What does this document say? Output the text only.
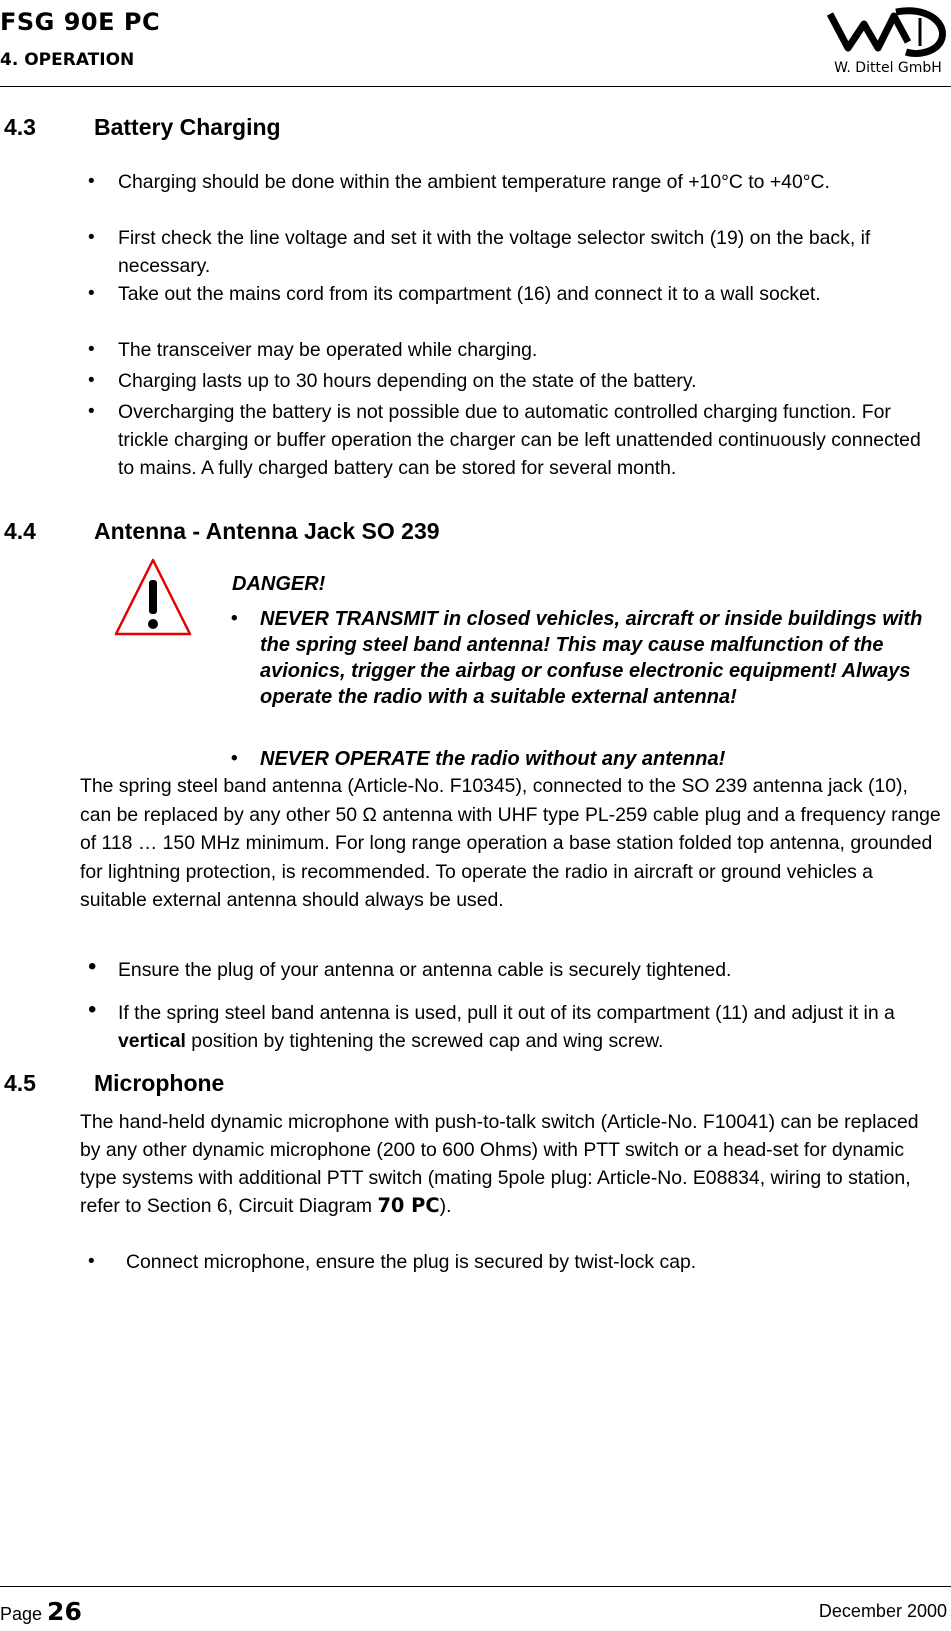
FSG 90E PC
4. OPERATION	W. Dittel GmbH
4.3	Battery Charging
• Charging should be done within the ambient temperature range of +10°C to +40°C.
• First check the line voltage and set it with the voltage selector switch (19) on the back, if necessary.
• Take out the mains cord from its compartment (16) and connect it to a wall socket.
• The transceiver may be operated while charging.
• Charging lasts up to 30 hours depending on the state of the battery.
• Overcharging the battery is not possible due to automatic controlled charging function. For trickle charging or buffer operation the charger can be left unattended continuously connected to mains. A fully charged battery can be stored for several month.
4.4	Antenna - Antenna Jack SO 239
DANGER!
• NEVER TRANSMIT in closed vehicles, aircraft or inside buildings with the spring steel band antenna! This may cause malfunction of the avionics, trigger the airbag or confuse electronic equipment! Always operate the radio with a suitable external antenna!
• NEVER OPERATE the radio without any antenna!
The spring steel band antenna (Article-No. F10345), connected to the SO 239 antenna jack (10), can be replaced by any other 50 Ω antenna with UHF type PL-259 cable plug and a frequency range of 118 … 150 MHz minimum. For long range operation a base station folded top antenna, grounded for lightning protection, is recommended. To operate the radio in aircraft or ground vehicles a suitable external antenna should always be used.
• Ensure the plug of your antenna or antenna cable is securely tightened.
• If the spring steel band antenna is used, pull it out of its compartment (11) and adjust it in a vertical position by tightening the screwed cap and wing screw.
4.5	Microphone
The hand-held dynamic microphone with push-to-talk switch (Article-No. F10041) can be replaced by any other dynamic microphone (200 to 600 Ohms) with PTT switch or a head-set for dynamic type systems with additional PTT switch (mating 5pole plug: Article-No. E08834, wiring to station, refer to Section 6, Circuit Diagram 70 PC).
• Connect microphone, ensure the plug is secured by twist-lock cap.
Page 26	December 2000
